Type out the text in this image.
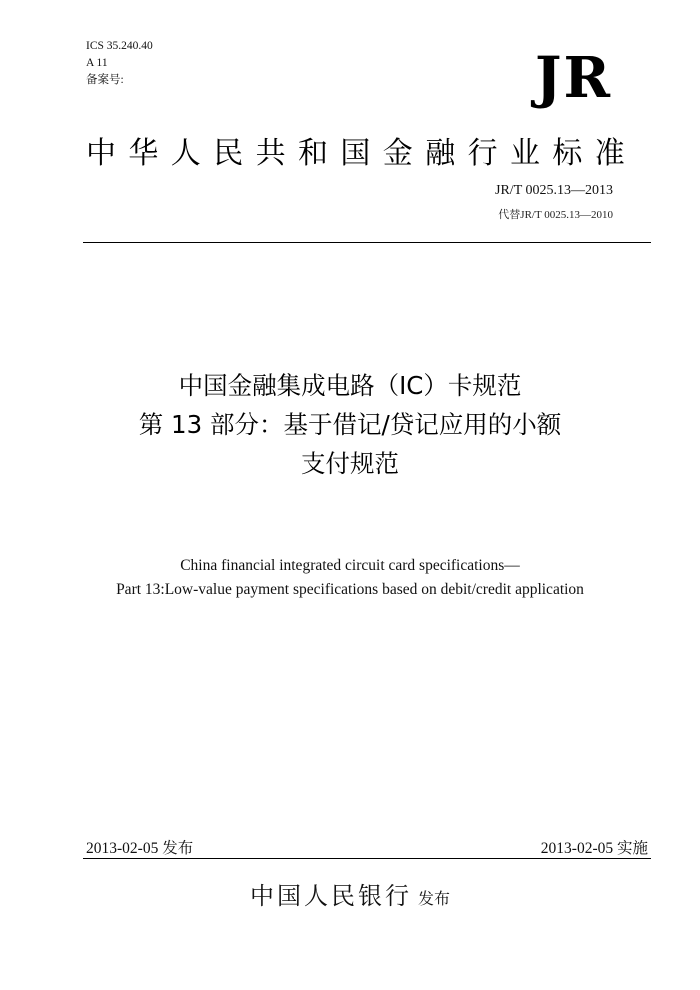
ICS 35.240.40
A 11
备案号:	JR
中华人民共和国金融行业标准
JR/T 0025.13—2013
代替JR/T 0025.13—2010
中国金融集成电路（IC）卡规范
第 13 部分：基于借记/贷记应用的小额
支付规范
China financial integrated circuit card specifications—
Part 13:Low-value payment specifications based on debit/credit application
2013-02-05 发布	2013-02-05 实施
中国人民银行 发布
